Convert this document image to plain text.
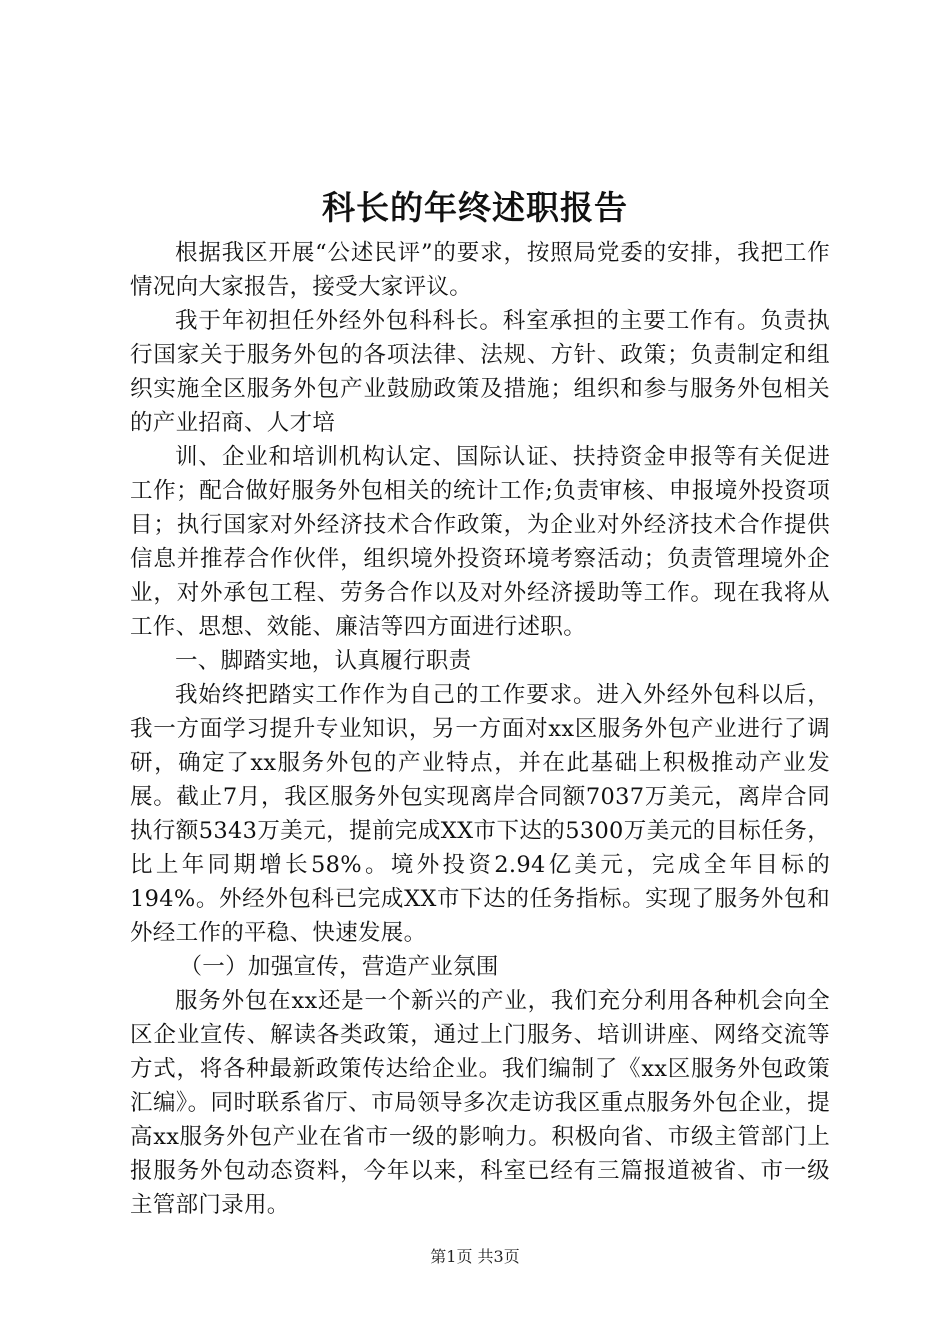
科长的年终述职报告

根据我区开展“公述民评”的要求，按照局党委的安排，我把工作情况向大家报告，接受大家评议。

我于年初担任外经外包科科长。科室承担的主要工作有。负责执行国家关于服务外包的各项法律、法规、方针、政策；负责制定和组织实施全区服务外包产业鼓励政策及措施；组织和参与服务外包相关的产业招商、人才培

训、企业和培训机构认定、国际认证、扶持资金申报等有关促进工作；配合做好服务外包相关的统计工作;负责审核、申报境外投资项目；执行国家对外经济技术合作政策，为企业对外经济技术合作提供信息并推荐合作伙伴，组织境外投资环境考察活动；负责管理境外企业，对外承包工程、劳务合作以及对外经济援助等工作。现在我将从工作、思想、效能、廉洁等四方面进行述职。

一、脚踏实地，认真履行职责

我始终把踏实工作作为自己的工作要求。进入外经外包科以后，我一方面学习提升专业知识，另一方面对xx区服务外包产业进行了调研，确定了xx服务外包的产业特点，并在此基础上积极推动产业发展。截止7月，我区服务外包实现离岸合同额7037万美元，离岸合同执行额5343万美元，提前完成XX市下达的5300万美元的目标任务，比上年同期增长58%。境外投资2.94亿美元，完成全年目标的194%。外经外包科已完成XX市下达的任务指标。实现了服务外包和外经工作的平稳、快速发展。

（一）加强宣传，营造产业氛围

服务外包在xx还是一个新兴的产业，我们充分利用各种机会向全区企业宣传、解读各类政策，通过上门服务、培训讲座、网络交流等方式，将各种最新政策传达给企业。我们编制了《xx区服务外包政策汇编》。同时联系省厅、市局领导多次走访我区重点服务外包企业，提高xx服务外包产业在省市一级的影响力。积极向省、市级主管部门上报服务外包动态资料，今年以来，科室已经有三篇报道被省、市一级主管部门录用。

第1页 共3页
